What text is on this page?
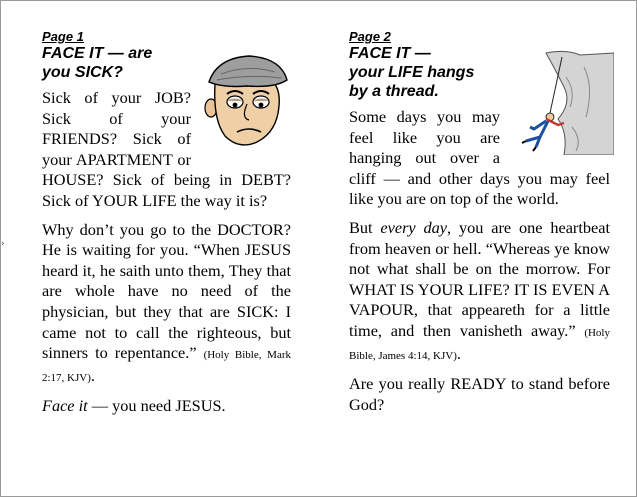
›

Page 1

FACE IT — are
you SICK?

Sick of your JOB? Sick of your FRIENDS? Sick of your APARTMENT or HOUSE? Sick of being in DEBT? Sick of YOUR LIFE the way it is?

Why don’t you go to the DOCTOR? He is waiting for you. “When JESUS heard it, he saith unto them, They that are whole have no need of the physician, but they that are SICK: I came not to call the righteous, but sinners to repentance.” (Holy Bible, Mark 2:17, KJV).

Face it — you need JESUS.

Page 2

FACE IT —
your LIFE hangs
by a thread.

Some days you may feel like you are hanging out over a cliff — and other days you may feel like you are on top of the world.

But every day, you are one heartbeat from heaven or hell. “Whereas ye know not what shall be on the morrow. For WHAT IS YOUR LIFE? IT IS EVEN A VAPOUR, that appeareth for a little time, and then vanisheth away.” (Holy Bible, James 4:14, KJV).

Are you really READY to stand before God?
